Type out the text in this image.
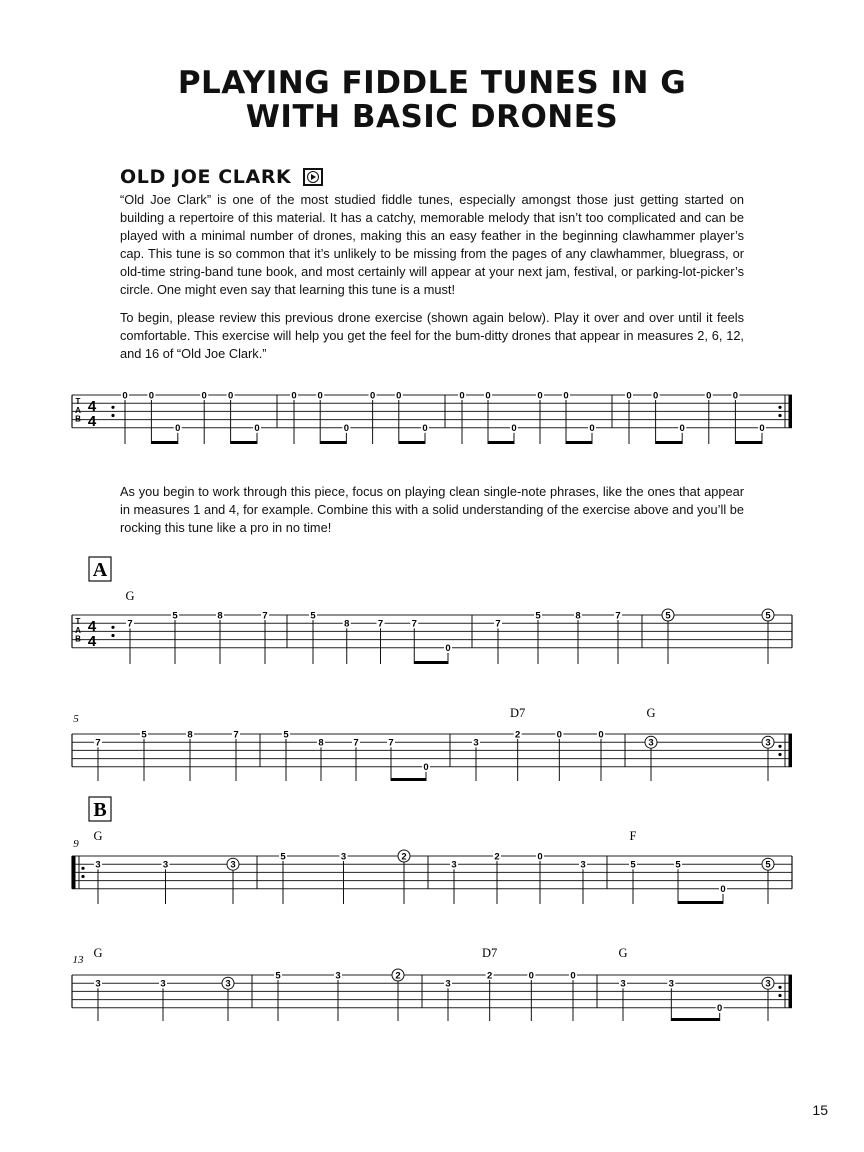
PLAYING FIDDLE TUNES IN G
WITH BASIC DRONES
OLD JOE CLARK

“Old Joe Clark” is one of the most studied fiddle tunes, especially amongst those just getting started on building a repertoire of this material. It has a catchy, memorable melody that isn’t too complicated and can be played with a minimal number of drones, making this an easy feather in the beginning clawhammer player’s cap. This tune is so common that it’s unlikely to be missing from the pages of any clawhammer, bluegrass, or old-time string-band tune book, and most certainly will appear at your next jam, festival, or parking-lot-picker’s circle. One might even say that learning this tune is a must!

To begin, please review this previous drone exercise (shown again below). Play it over and over until it feels comfortable. This exercise will help you get the feel for the bum-ditty drones that appear in measures 2, 6, 12, and 16 of “Old Joe Clark.”

As you begin to work through this piece, focus on playing clean single-note phrases, like the ones that appear in measures 1 and 4, for example. Combine this with a solid understanding of the exercise above and you’ll be rocking this tune like a pro in no time!

T
A
B
4
4
0 0
0
0 0
0
0 0
0
0 0
0
0 0
0
0 0
0
0 0
0
0 0
0
T
A
B
4
4
A
G
7
5	8	7	5
8	7	7
0
7
5	8	7	5	5
5
7
5	8	7	5
8	7	7
0
D7
3
2	0	0
G
3	3
9
B
G
3	3	3
5	3	2
3
2	0
3
F
5	5
0
5
13 G
3	3	3
5	3	2
D7
3
2	0	0
G
3	3
0
3
15
